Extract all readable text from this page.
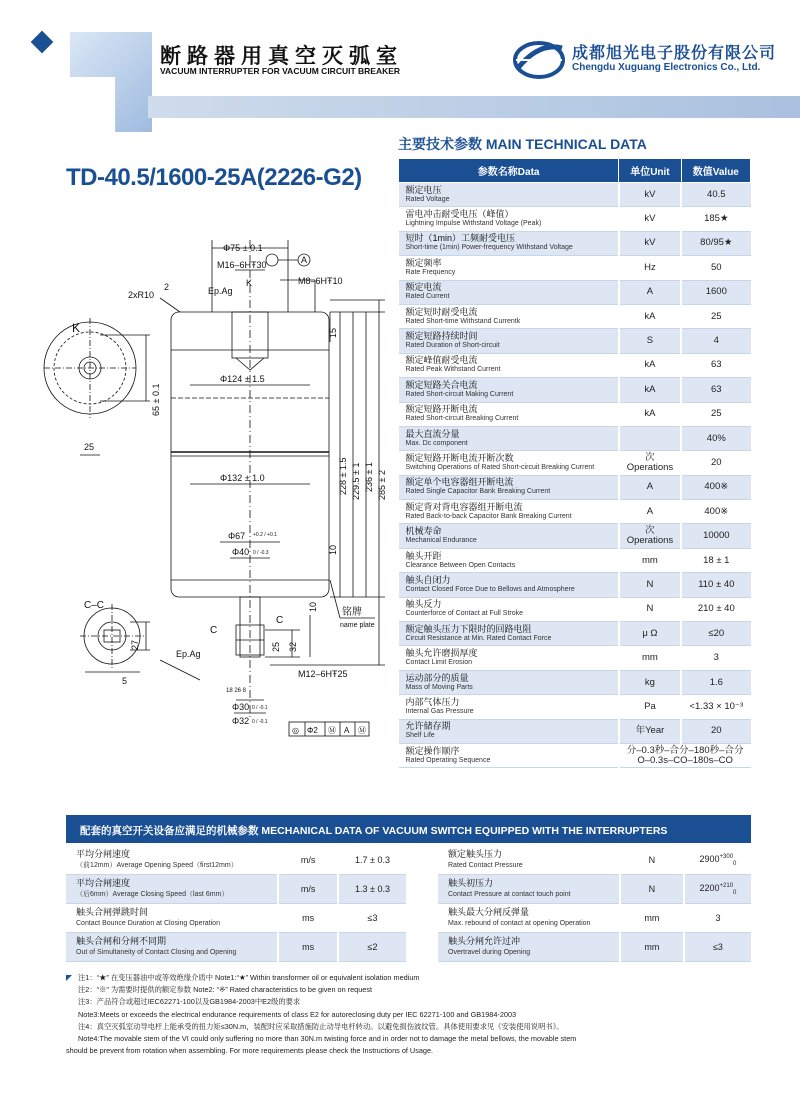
断路器用真空灭弧室
VACUUM INTERRUPTER FOR VACUUM CIRCUIT BREAKER
成都旭光电子股份有限公司
Chengdu Xuguang Electronics Co., Ltd.
TD-40.5/1600-25A(2226-G2)
主要技术参数 MAIN TECHNICAL DATA
参数名称Data	单位Unit	数值Value

额定电压
Rated Voltage	kV	40.5

雷电冲击耐受电压（峰值）
Lightning Impulse Withstand Voltage (Peak)	kV	185★

短时（1min）工频耐受电压
Short-time (1min) Power-frequency Withstand Voltage	kV	80/95★

额定频率
Rate Frequency	Hz	50

额定电流
Rated Current	A	1600

额定短时耐受电流
Rated Short-time Withstand Currentk	kA	25

额定短路持续时间
Rated Duration of Short-circuit	S	4

额定峰值耐受电流
Rated Peak Withstand Current	kA	63

额定短路关合电流
Rated Short-circuit Making Current	kA	63

额定短路开断电流
Rated Short-circuit Breaking Current	kA	25

最大直流分量
Max. Dc component		40%

额定短路开断电流开断次数
Switching Operations of Rated Short-circuit Breaking Current	次
Operations	20

额定单个电容器组开断电流
Rated Single Capacitor Bank Breaking Current	A	400※

额定背对背电容器组开断电流
Rated Back-to-back Capacitor Bank Breaking Current	A	400※

机械寿命
Mechanical Endurance	次
Operations	10000

触头开距
Clearance Between Open Contacts	mm	18 ± 1

触头自闭力
Contact Closed Force Due to Bellows and Atmosphere	N	110 ± 40

触头反力
Counterforce of Contact at Full Stroke	N	210 ± 40

额定触头压力下限时的回路电阻
Circuit Resistance at Min. Rated Contact Force	μ Ω	≤20

触头允许磨损厚度
Contact Limit Erosion	mm	3

运动部分的质量
Mass of Moving Parts	kg	1.6

内部气体压力
Internal Gas Pressure	Pa	<1.33 × 10⁻³

允许储存期
Shelf Life	年Year	20

额定操作顺序
Rated Operating Sequence	分–0.3秒–合分–180秒–合分
O–0.3s–CO–180s–CO	
Φ75 ± 0.1
M16–6HŦ30
M8–6HŦ10
A
2xR10
2	K
Ep.Ag
K
65 ± 0.1
25
15
Φ124 ± 1.5
Φ132 ± 1.0	228 ± 1.5 229.5 ± 1 236 ± 1 285 ± 2
Φ67 +0.2 / +0.1
Φ40 0 / -0.3	10
10
铭牌
name plate
C–C
C
C
27
5
25 32
Ep.Ag
M12–6HŦ25
18 26 8
Φ30 0 / -0.1
Φ32 0 / -0.1
◎ Φ2 Ⓜ A Ⓜ
配套的真空开关设备应满足的机械参数 MECHANICAL DATA OF VACUUM SWITCH EQUIPPED WITH THE INTERRUPTERS
平均分闸速度
（前12mm）Average Opening Speed（first12mm）	m/s	1.7 ± 0.3

平均合闸速度
（后6mm）Average Closing Speed（last 6mm）	m/s	1.3 ± 0.3

触头合闸弹跳时间
Contact Bounce Duration at Closing Operation	ms	≤3

触头合闸和分闸不同期
Out of Simultaneity of Contact Closing and Opening	ms	≤2
额定触头压力
Rated Contact Pressure	N	$2900^{+300}_0$

触头初压力
Contact Pressure at contact touch point	N	$2200^{+210}_0$

触头最大分闸反弹量
Max. rebound of contact at opening Operation	mm	3

触头分闸允许过冲
Overtravel during Opening	mm	≤3
注1：“★” 在变压器油中或等效绝缘介质中 Note1:“★” Within transformer oil or equivalent isolation medium
注2：“※” 为需要时提供的额定参数 Note2: “※” Rated characteristics to be given on request
注3：产品符合或超过IEC62271-100以及GB1984-2003中E2级的要求
Note3:Meets or exceeds the electrical endurance requirements of class E2 for autoreclosing duty per IEC 62271-100 and GB1984-2003
注4：真空灭弧室动导电杆上能承受的扭力矩≤30N.m，装配时应采取措施防止动导电杆转动。以避免损伤波纹管。具体使用要求见《安装使用说明书》。
Note4:The movable stem of the VI could only suffering no more than 30N.m twisting force and in order not to damage the metal bellows, the movable stem
should be prevent from rotation when assembling. For more requirements please check the Instructions of Usage.
